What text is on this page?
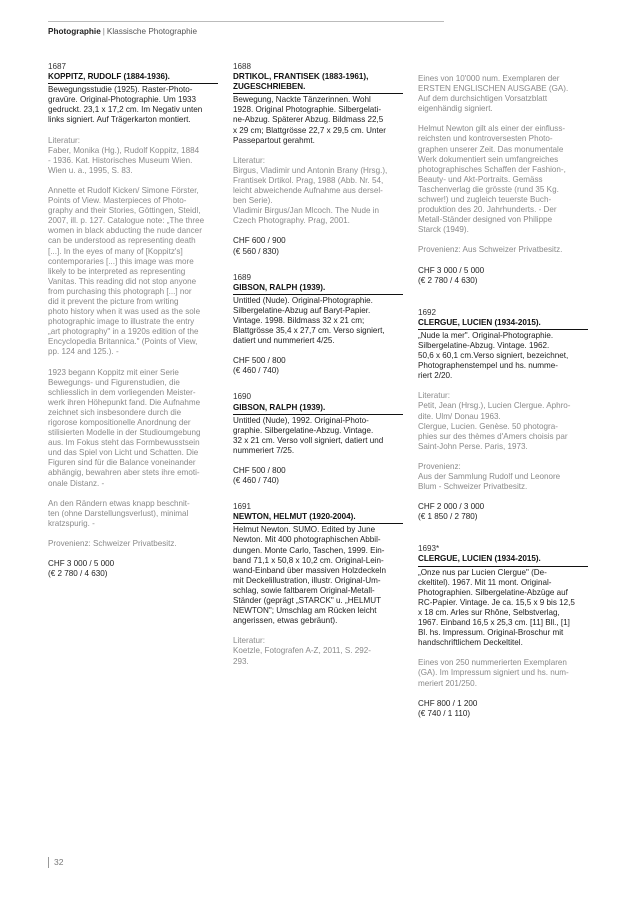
Photographie | Klassische Photographie
1687
KOPPITZ, RUDOLF (1884-1936).
Bewegungsstudie (1925). Raster-Photo-
gravüre. Original-Photographie. Um 1933
gedruckt. 23,1 x 17,2 cm. Im Negativ unten
links signiert. Auf Trägerkarton montiert.
Literatur:
Faber, Monika (Hg.), Rudolf Koppitz, 1884
- 1936. Kat. Historisches Museum Wien.
Wien u. a., 1995, S. 83.
Annette et Rudolf Kicken/ Simone Förster,
Points of View. Masterpieces of Photo-
graphy and their Stories, Göttingen, Steidl,
2007, ill. p. 127. Catalogue note: „The three
women in black abducting the nude dancer
can be understood as representing death
[...]. In the eyes of many of [Koppitz's]
contemporaries [...] this image was more
likely to be interpreted as representing
Vanitas. This reading did not stop anyone
from purchasing this photograph [...] nor
did it prevent the picture from writing
photo history when it was used as the sole
photographic image to illustrate the entry
„art photography" in a 1920s edition of the
Encyclopedia Britannica." (Points of View,
pp. 124 and 125.). -
1923 begann Koppitz mit einer Serie
Bewegungs- und Figurenstudien, die
schliesslich in dem vorliegenden Meister-
werk ihren Höhepunkt fand. Die Aufnahme
zeichnet sich insbesondere durch die
rigorose kompositionelle Anordnung der
stilisierten Modelle in der Studioumgebung
aus. Im Fokus steht das Formbewusstsein
und das Spiel von Licht und Schatten. Die
Figuren sind für die Balance voneinander
abhängig, bewahren aber stets ihre emoti-
onale Distanz. -
An den Rändern etwas knapp beschnit-
ten (ohne Darstellungsverlust), minimal
kratzspurig. -
Provenienz: Schweizer Privatbesitz.
CHF 3 000 / 5 000
(€ 2 780 / 4 630)
1688
DRTIKOL, FRANTISEK (1883-1961), ZUGESCHRIEBEN.
Bewegung, Nackte Tänzerinnen. Wohl
1928. Original Photographie. Silbergelati-
ne-Abzug. Späterer Abzug. Bildmass 22,5
x 29 cm; Blattgrösse 22,7 x 29,5 cm. Unter
Passepartout gerahmt.
Literatur:
Birgus, Vladimir und Antonin Brany (Hrsg.),
Frantisek Drtikol. Prag, 1988 (Abb. Nr. 54,
leicht abweichende Aufnahme aus dersel-
ben Serie).
Vladimir Birgus/Jan Mlcoch. The Nude in
Czech Photography. Prag, 2001.
CHF 600 / 900
(€ 560 / 830)
1689
GIBSON, RALPH (1939).
Untitled (Nude). Original-Photographie.
Silbergelatine-Abzug auf Baryt-Papier.
Vintage. 1998. Bildmass 32 x 21 cm;
Blattgrösse 35,4 x 27,7 cm. Verso signiert,
datiert und nummeriert 4/25.
CHF 500 / 800
(€ 460 / 740)
1690
GIBSON, RALPH (1939).
Untitled (Nude), 1992. Original-Photo-
graphie. Silbergelatine-Abzug. Vintage.
32 x 21 cm. Verso voll signiert, datiert und
nummeriert 7/25.
CHF 500 / 800
(€ 460 / 740)
1691
NEWTON, HELMUT (1920-2004).
Helmut Newton. SUMO. Edited by June
Newton. Mit 400 photographischen Abbil-
dungen. Monte Carlo, Taschen, 1999. Ein-
band 71,1 x 50,8 x 10,2 cm. Original-Lein-
wand-Einband über massiven Holzdeckeln
mit Deckelillustration, illustr. Original-Um-
schlag, sowie faltbarem Original-Metall-
Ständer (geprägt „STARCK" u. „HELMUT
NEWTON"; Umschlag am Rücken leicht
angerissen, etwas gebräunt).
Literatur:
Koetzle, Fotografen A-Z, 2011, S. 292-
293.
Eines von 10'000 num. Exemplaren der
ERSTEN ENGLISCHEN AUSGABE (GA).
Auf dem durchsichtigen Vorsatzblatt
eigenhändig signiert.
Helmut Newton gilt als einer der einfluss-
reichsten und kontroversesten Photo-
graphen unserer Zeit. Das monumentale
Werk dokumentiert sein umfangreiches
photographisches Schaffen der Fashion-,
Beauty- und Akt-Portraits. Gemäss
Taschenverlag die grösste (rund 35 Kg.
schwer!) und zugleich teuerste Buch-
produktion des 20. Jahrhunderts. - Der
Metall-Ständer designed von Philippe
Starck (1949).
Provenienz: Aus Schweizer Privatbesitz.
CHF 3 000 / 5 000
(€ 2 780 / 4 630)
1692
CLERGUE, LUCIEN (1934-2015).
„Nude la mer". Original-Photographie.
Silbergelatine-Abzug. Vintage. 1962.
50,6 x 60,1 cm.Verso signiert, bezeichnet,
Photographenstempel und hs. numme-
riert 2/20.
Literatur:
Petit, Jean (Hrsg.), Lucien Clergue. Aphro-
dite. Ulm/ Donau 1963.
Clergue, Lucien. Genèse. 50 photogra-
phies sur des thèmes d'Amers choisis par
Saint-John Perse. Paris, 1973.
Provenienz:
Aus der Sammlung Rudolf und Leonore
Blum - Schweizer Privatbesitz.
CHF 2 000 / 3 000
(€ 1 850 / 2 780)
1693*
CLERGUE, LUCIEN (1934-2015).
„Onze nus par Lucien Clergue" (De-
ckeltitel). 1967. Mit 11 mont. Original-
Photographien. Silbergelatine-Abzüge auf
RC-Papier. Vintage. Je ca. 15,5 x 9 bis 12,5
x 18 cm. Arles sur Rhône, Selbstverlag,
1967. Einband 16,5 x 25,3 cm. [11] Bll., [1]
Bl. hs. Impressum. Original-Broschur mit
handschriftlichem Deckeltitel.
Eines von 250 nummerierten Exemplaren
(GA). Im Impressum signiert und hs. num-
meriert 201/250.
CHF 800 / 1 200
(€ 740 / 1 110)
32
